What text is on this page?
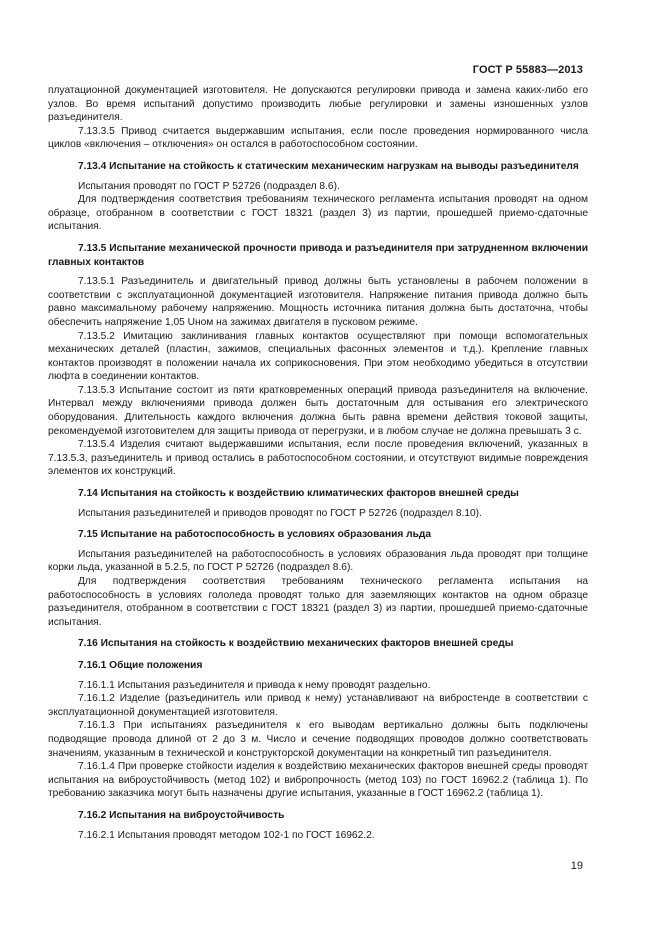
ГОСТ Р 55883—2013

плуатационной документацией изготовителя. Не допускаются регулировки привода и замена каких-либо его узлов. Во время испытаний допустимо производить любые регулировки и замены изношенных узлов разъединителя.

7.13.3.5 Привод считается выдержавшим испытания, если после проведения нормированного числа циклов «включения – отключения» он остался в работоспособном состоянии.

7.13.4 Испытание на стойкость к статическим механическим нагрузкам на выводы разъединителя

Испытания проводят по ГОСТ Р 52726 (подраздел 8.6).

Для подтверждения соответствия требованиям технического регламента испытания проводят на одном образце, отобранном в соответствии с ГОСТ 18321 (раздел 3) из партии, прошедшей приемо-сдаточные испытания.

7.13.5 Испытание механической прочности привода и разъединителя при затрудненном включении главных контактов

7.13.5.1 Разъединитель и двигательный привод должны быть установлены в рабочем положении в соответствии с эксплуатационной документацией изготовителя. Напряжение питания привода должно быть равно максимальному рабочему напряжению. Мощность источника питания должна быть достаточна, чтобы обеспечить напряжение 1,05 Uном на зажимах двигателя в пусковом режиме.

7.13.5.2 Имитацию заклинивания главных контактов осуществляют при помощи вспомогательных механических деталей (пластин, зажимов, специальных фасонных элементов и т.д.). Крепление главных контактов производят в положении начала их соприкосновения. При этом необходимо убедиться в отсутствии люфта в соединении контактов.

7.13.5.3 Испытание состоит из пяти кратковременных операций привода разъединителя на включение. Интервал между включениями привода должен быть достаточным для остывания его электрического оборудования. Длительность каждого включения должна быть равна времени действия токовой защиты, рекомендуемой изготовителем для защиты привода от перегрузки, и в любом случае не должна превышать 3 с.

7.13.5.4 Изделия считают выдержавшими испытания, если после проведения включений, указанных в 7.13.5.3, разъединитель и привод остались в работоспособном состоянии, и отсутствуют видимые повреждения элементов их конструкций.

7.14 Испытания на стойкость к воздействию климатических факторов внешней среды

Испытания разъединителей и приводов проводят по ГОСТ Р 52726 (подраздел 8.10).

7.15 Испытание на работоспособность в условиях образования льда

Испытания разъединителей на работоспособность в условиях образования льда проводят при толщине корки льда, указанной в 5.2.5, по ГОСТ Р 52726 (подраздел 8.6).

Для подтверждения соответствия требованиям технического регламента испытания на работоспособность в условиях гололеда проводят только для заземляющих контактов на одном образце разъединителя, отобранном в соответствии с ГОСТ 18321 (раздел 3) из партии, прошедшей приемо-сдаточные испытания.

7.16 Испытания на стойкость к воздействию механических факторов внешней среды

7.16.1 Общие положения

7.16.1.1 Испытания разъединителя и привода к нему проводят раздельно.

7.16.1.2 Изделие (разъединитель или привод к нему) устанавливают на вибростенде в соответствии с эксплуатационной документацией изготовителя.

7.16.1.3 При испытаниях разъединителя к его выводам вертикально должны быть подключены подводящие провода длиной от 2 до 3 м. Число и сечение подводящих проводов должно соответствовать значениям, указанным в технической и конструкторской документации на конкретный тип разъединителя.

7.16.1.4 При проверке стойкости изделия к воздействию механических факторов внешней среды проводят испытания на виброустойчивость (метод 102) и вибропрочность (метод 103) по ГОСТ 16962.2 (таблица 1). По требованию заказчика могут быть назначены другие испытания, указанные в ГОСТ 16962.2 (таблица 1).

7.16.2 Испытания на виброустойчивость

7.16.2.1 Испытания проводят методом 102-1 по ГОСТ 16962.2.

19
